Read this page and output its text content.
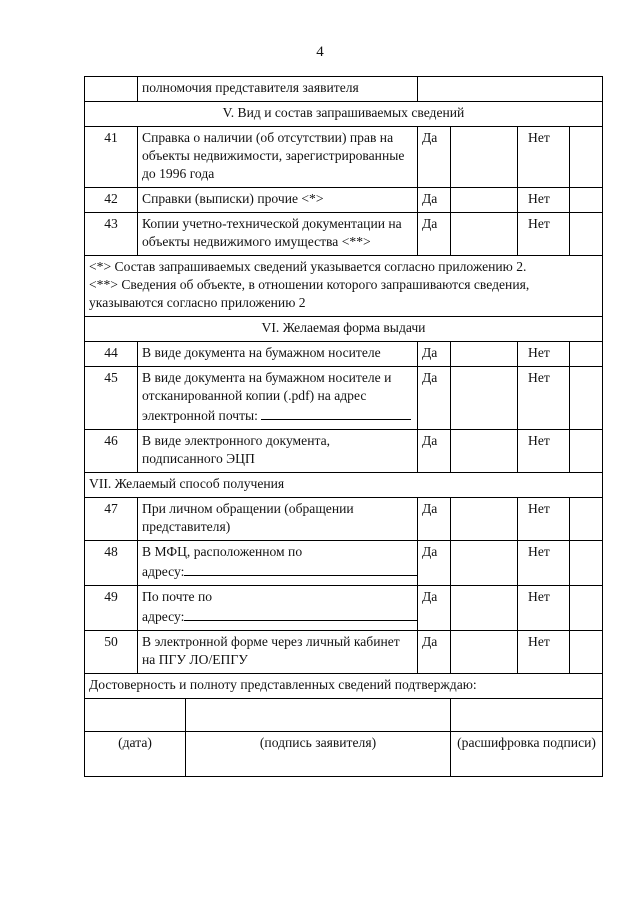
4
	полномочия представителя заявителя					
V. Вид и состав запрашиваемых сведений						
41	Справка о наличии (об отсутствии) прав на объекты недвижимости, зарегистрированные до 1996 года		Да		Нет	
42	Справки (выписки) прочие <*>		Да		Нет	
43	Копии учетно-технической документации на объекты недвижимого имущества <**>		Да		Нет	

<*> Состав запрашиваемых сведений указывается согласно приложению 2.
<**> Сведения об объекте, в отношении которого запрашиваются сведения, указываются согласно приложению 2						

VI. Желаемая форма выдачи						
44	В виде документа на бумажном носителе		Да		Нет	
45	В виде документа на бумажном носителе и отсканированной копии (.pdf) на адрес
электронной почты:		Да		Нет	
46	В виде электронного документа, подписанного ЭЦП		Да		Нет	
VII. Желаемый способ получения						
47	При личном обращении (обращении представителя)		Да		Нет	
48	В МФЦ, расположенном по
адресу:		Да		Нет	
49	По почте по
адресу:		Да		Нет	
50	В электронной форме через личный кабинет на ПГУ ЛО/ЕПГУ		Да		Нет	
Достоверность и полноту представленных сведений подтверждаю:						

(дата)		(подпись заявителя)		(расшифровка подписи)		
